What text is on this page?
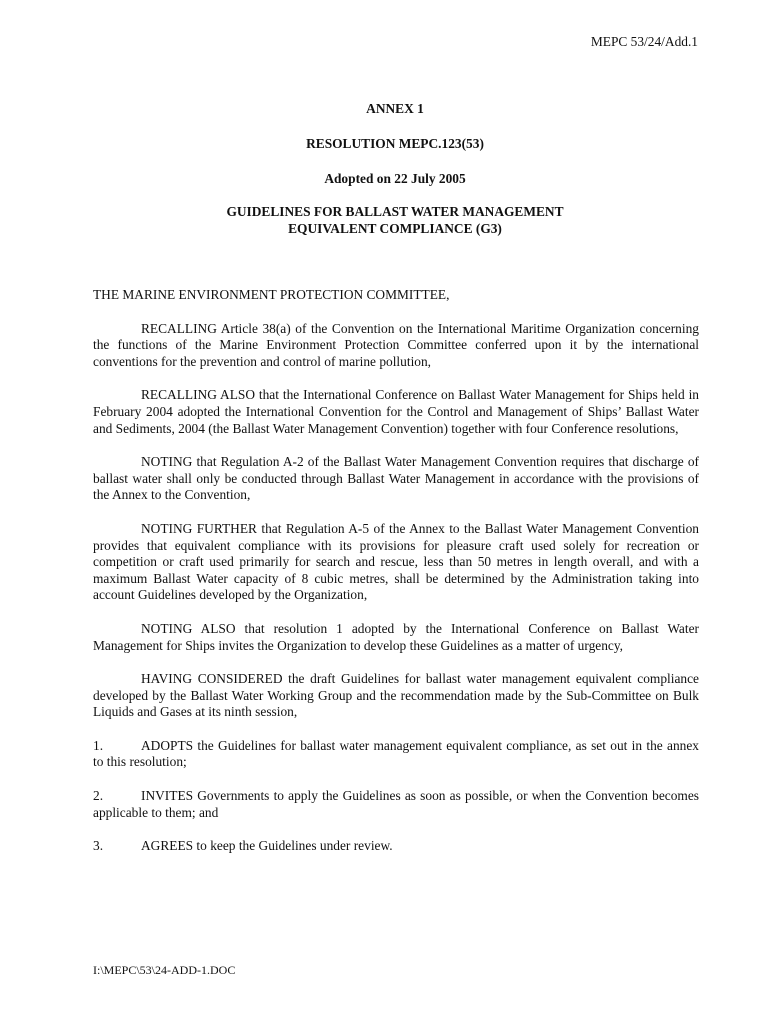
MEPC 53/24/Add.1
ANNEX 1
RESOLUTION MEPC.123(53)
Adopted on 22 July 2005
GUIDELINES FOR BALLAST WATER MANAGEMENT
EQUIVALENT COMPLIANCE (G3)

THE MARINE ENVIRONMENT PROTECTION COMMITTEE,

RECALLING Article 38(a) of the Convention on the International Maritime Organization concerning the functions of the Marine Environment Protection Committee conferred upon it by the international conventions for the prevention and control of marine pollution,

RECALLING ALSO that the International Conference on Ballast Water Management for Ships held in February 2004 adopted the International Convention for the Control and Management of Ships’ Ballast Water and Sediments, 2004 (the Ballast Water Management Convention) together with four Conference resolutions,

NOTING that Regulation A-2 of the Ballast Water Management Convention requires that discharge of ballast water shall only be conducted through Ballast Water Management in accordance with the provisions of the Annex to the Convention,

NOTING FURTHER that Regulation A-5 of the Annex to the Ballast Water Management Convention provides that equivalent compliance with its provisions for pleasure craft used solely for recreation or competition or craft used primarily for search and rescue, less than 50 metres in length overall, and with a maximum Ballast Water capacity of 8 cubic metres, shall be determined by the Administration taking into account Guidelines developed by the Organization,

NOTING ALSO that resolution 1 adopted by the International Conference on Ballast Water Management for Ships invites the Organization to develop these Guidelines as a matter of urgency,

HAVING CONSIDERED the draft Guidelines for ballast water management equivalent compliance developed by the Ballast Water Working Group and the recommendation made by the Sub-Committee on Bulk Liquids and Gases at its ninth session,

1.	ADOPTS the Guidelines for ballast water management equivalent compliance, as set out in the annex to this resolution;

2.	INVITES Governments to apply the Guidelines as soon as possible, or when the Convention becomes applicable to them; and

3.	AGREES to keep the Guidelines under review.

I:\MEPC\53\24-ADD-1.DOC
